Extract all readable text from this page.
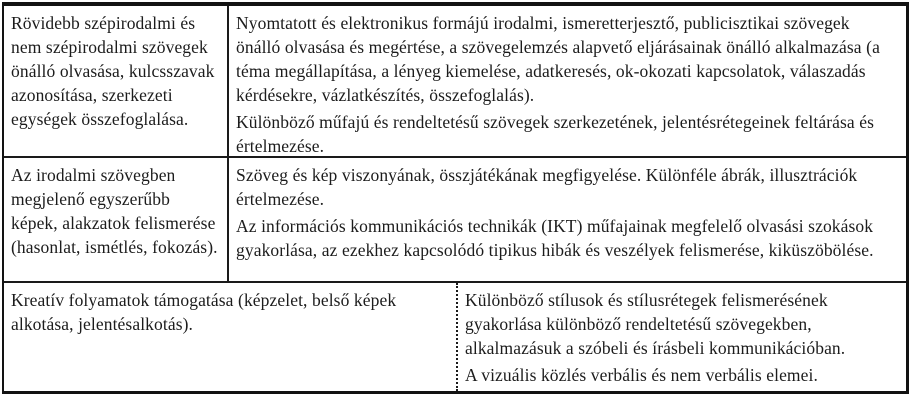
Rövidebb szépirodalmi és nem szépirodalmi szövegek önálló olvasása, kulcsszavak azonosítása, szerkezeti egységek összefoglalása.

Nyomtatott és elektronikus formájú irodalmi, ismeretterjesztő, publicisztikai szövegek önálló olvasása és megértése, a szövegelemzés alapvető eljárásainak önálló alkalmazása (a téma megállapítása, a lényeg kiemelése, adatkeresés, ok-okozati kapcsolatok, válaszadás kérdésekre, vázlatkészítés, összefoglalás).

Különböző műfajú és rendeltetésű szövegek szerkezetének, jelentésrétegeinek feltárása és értelmezése.

Az irodalmi szövegben megjelenő egyszerűbb képek, alakzatok felismerése (hasonlat, ismétlés, fokozás).

Szöveg és kép viszonyának, összjátékának megfigyelése. Különféle ábrák, illusztrációk értelmezése.

Az információs kommunikációs technikák (IKT) műfajainak megfelelő olvasási szokások gyakorlása, az ezekhez kapcsolódó tipikus hibák és veszélyek felismerése, kiküszöbölése.

Kreatív folyamatok támogatása (képzelet, belső képek alkotása, jelentésalkotás).

Különböző stílusok és stílusrétegek felismerésének gyakorlása különböző rendeltetésű szövegekben, alkalmazásuk a szóbeli és írásbeli kommunikációban.

A vizuális közlés verbális és nem verbális elemei.
